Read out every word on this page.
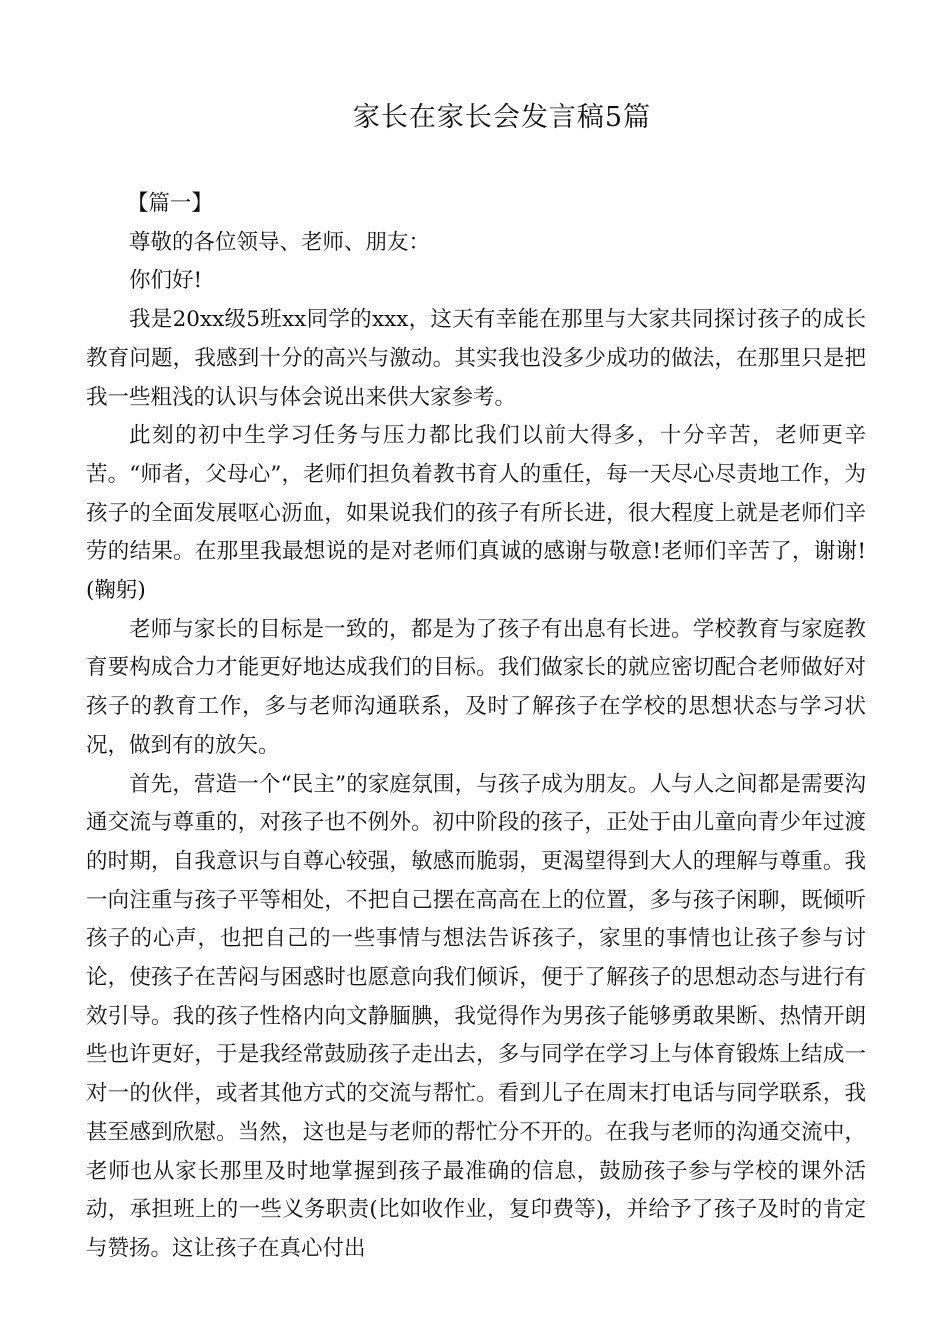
家长在家长会发言稿5篇

【篇一】

尊敬的各位领导、老师、朋友：

你们好!

我是20xx级5班xx同学的xxx，这天有幸能在那里与大家共同探讨孩子的成长教育问题，我感到十分的高兴与激动。其实我也没多少成功的做法，在那里只是把我一些粗浅的认识与体会说出来供大家参考。

此刻的初中生学习任务与压力都比我们以前大得多，十分辛苦，老师更辛苦。“师者，父母心”，老师们担负着教书育人的重任，每一天尽心尽责地工作，为孩子的全面发展呕心沥血，如果说我们的孩子有所长进，很大程度上就是老师们辛劳的结果。在那里我最想说的是对老师们真诚的感谢与敬意!老师们辛苦了，谢谢!(鞠躬)

老师与家长的目标是一致的，都是为了孩子有出息有长进。学校教育与家庭教育要构成合力才能更好地达成我们的目标。我们做家长的就应密切配合老师做好对孩子的教育工作，多与老师沟通联系，及时了解孩子在学校的思想状态与学习状况，做到有的放矢。

首先，营造一个“民主”的家庭氛围，与孩子成为朋友。人与人之间都是需要沟通交流与尊重的，对孩子也不例外。初中阶段的孩子，正处于由儿童向青少年过渡的时期，自我意识与自尊心较强，敏感而脆弱，更渴望得到大人的理解与尊重。我一向注重与孩子平等相处，不把自己摆在高高在上的位置，多与孩子闲聊，既倾听孩子的心声，也把自己的一些事情与想法告诉孩子，家里的事情也让孩子参与讨论，使孩子在苦闷与困惑时也愿意向我们倾诉，便于了解孩子的思想动态与进行有效引导。我的孩子性格内向文静腼腆，我觉得作为男孩子能够勇敢果断、热情开朗些也许更好，于是我经常鼓励孩子走出去，多与同学在学习上与体育锻炼上结成一对一的伙伴，或者其他方式的交流与帮忙。看到儿子在周末打电话与同学联系，我甚至感到欣慰。当然，这也是与老师的帮忙分不开的。在我与老师的沟通交流中，老师也从家长那里及时地掌握到孩子最准确的信息，鼓励孩子参与学校的课外活动，承担班上的一些义务职责(比如收作业，复印费等)，并给予了孩子及时的肯定与赞扬。这让孩子在真心付出
